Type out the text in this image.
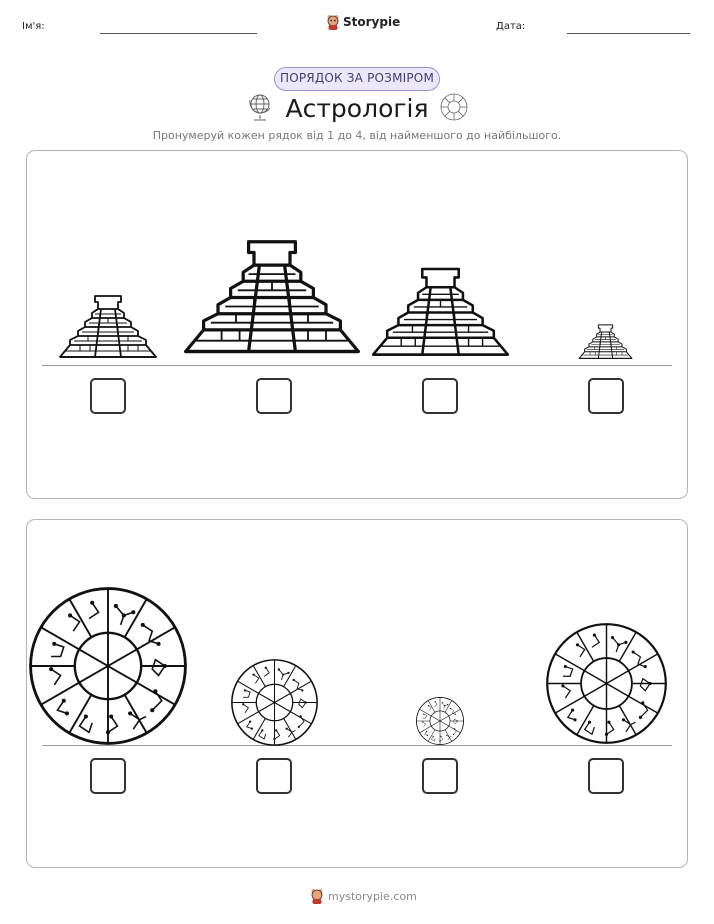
Ім'я:	Storypie	Дата:
ПОРЯДОК ЗА РОЗМІРОМ
Астрологія
Пронумеруй кожен рядок від 1 до 4, від найменшого до найбільшого.
mystorypie.com
